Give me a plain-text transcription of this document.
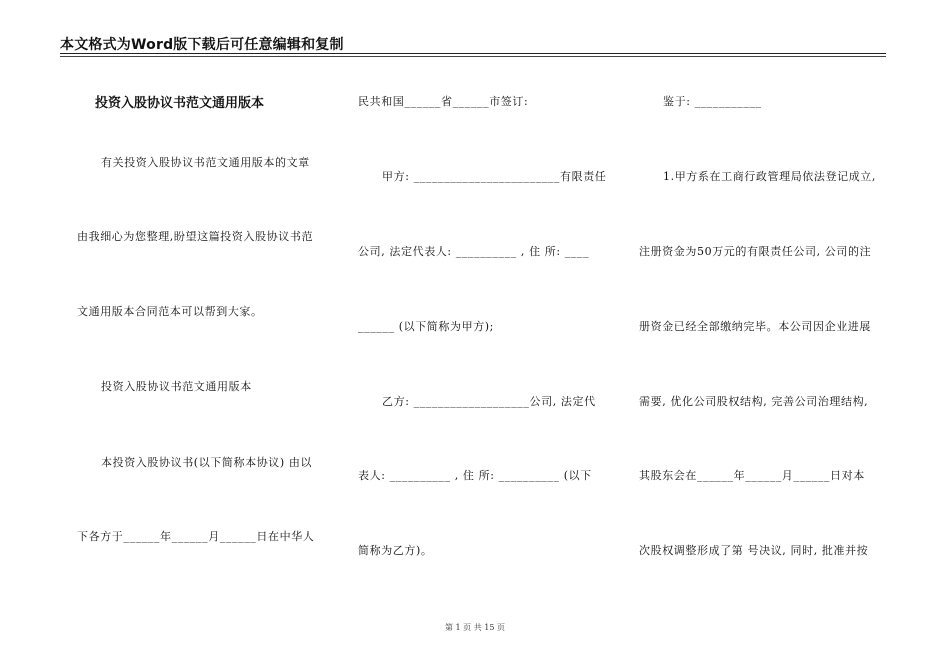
本文格式为Word版下载后可任意编辑和复制
投资入股协议书范文通用版本
有关投资入股协议书范文通用版本的文章
由我细心为您整理,盼望这篇投资入股协议书范
文通用版本合同范本可以帮到大家。
投资入股协议书范文通用版本
本投资入股协议书(以下简称本协议) 由以
下各方于______年______月______日在中华人
民共和国______省______市签订:
甲方: ________________________有限责任
公司, 法定代表人: __________ , 住 所: ____
______ (以下简称为甲方);
乙方: ___________________公司, 法定代
表人: __________ , 住 所: __________ (以下
简称为乙方)。
鉴于: ___________
1.甲方系在工商行政管理局依法登记成立,
注册资金为50万元的有限责任公司, 公司的注
册资金已经全部缴纳完毕。本公司因企业进展
需要, 优化公司股权结构, 完善公司治理结构,
其股东会在______年______月______日对本
次股权调整形成了第 号决议, 同时, 批准并按
第 1 页 共 15 页
